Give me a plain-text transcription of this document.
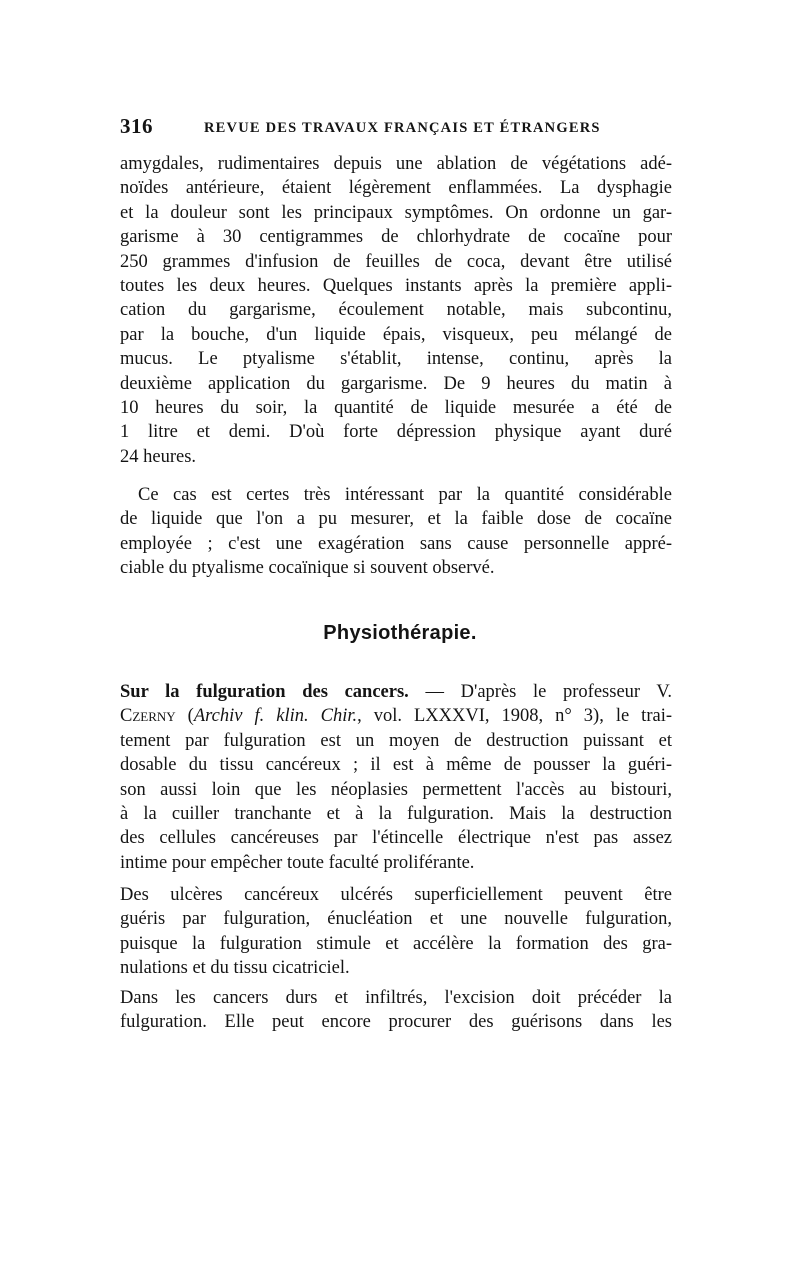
316	REVUE DES TRAVAUX FRANÇAIS ET ÉTRANGERS
amygdales, rudimentaires depuis une ablation de végétations adé-
noïdes antérieure, étaient légèrement enflammées. La dysphagie
et la douleur sont les principaux symptômes. On ordonne un gar-
garisme à 30 centigrammes de chlorhydrate de cocaïne pour
250 grammes d'infusion de feuilles de coca, devant être utilisé
toutes les deux heures. Quelques instants après la première appli-
cation du gargarisme, écoulement notable, mais subcontinu,
par la bouche, d'un liquide épais, visqueux, peu mélangé de
mucus. Le ptyalisme s'établit, intense, continu, après la
deuxième application du gargarisme. De 9 heures du matin à
10 heures du soir, la quantité de liquide mesurée a été de
1 litre et demi. D'où forte dépression physique ayant duré
24 heures.
Ce cas est certes très intéressant par la quantité considérable
de liquide que l'on a pu mesurer, et la faible dose de cocaïne
employée ; c'est une exagération sans cause personnelle appré-
ciable du ptyalisme cocaïnique si souvent observé.
Physiothérapie.
Sur la fulguration des cancers. — D'après le professeur V.
Czerny (Archiv f. klin. Chir., vol. LXXXVI, 1908, n° 3), le trai-
tement par fulguration est un moyen de destruction puissant et
dosable du tissu cancéreux ; il est à même de pousser la guéri-
son aussi loin que les néoplasies permettent l'accès au bistouri,
à la cuiller tranchante et à la fulguration. Mais la destruction
des cellules cancéreuses par l'étincelle électrique n'est pas assez
intime pour empêcher toute faculté proliférante.
Des ulcères cancéreux ulcérés superficiellement peuvent être
guéris par fulguration, énucléation et une nouvelle fulguration,
puisque la fulguration stimule et accélère la formation des gra-
nulations et du tissu cicatriciel.
Dans les cancers durs et infiltrés, l'excision doit précéder la
fulguration. Elle peut encore procurer des guérisons dans les
